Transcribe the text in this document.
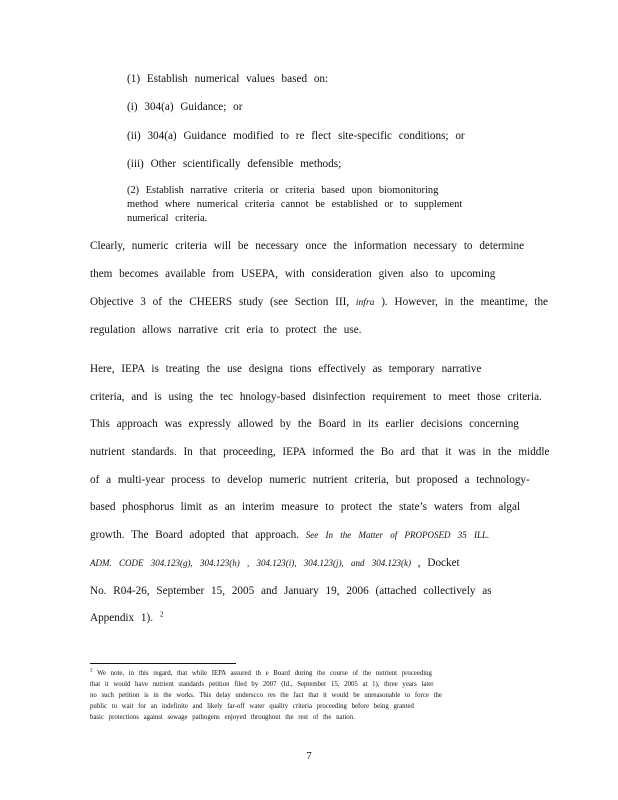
(1) Establish numerical values based on:
(i) 304(a) Guidance; or
(ii) 304(a) Guidance modified to re flect site-specific conditions; or
(iii) Other scientifically defensible methods;
(2) Establish narrative criteria or criteria based upon biomonitoring
method where numerical criteria cannot be established or to supplement
numerical criteria.
Clearly, numeric criteria will be necessary once the information necessary to determine
them becomes available from USEPA, with consideration given also to upcoming
Objective 3 of the CHEERS study (see Section III, infra ). However, in the meantime, the
regulation allows narrative crit eria to protect the use.
Here, IEPA is treating the use designa tions effectively as temporary narrative
criteria, and is using the tec hnology-based disinfection requirement to meet those criteria.
This approach was expressly allowed by the Board in its earlier decisions concerning
nutrient standards. In that proceeding, IEPA informed the Bo ard that it was in the middle
of a multi-year process to develop numeric nutrient criteria, but proposed a technology-
based phosphorus limit as an interim measure to protect the state’s waters from algal
growth. The Board adopted that approach. See In the Matter of PROPOSED 35 ILL.
ADM. CODE 304.123(g), 304.123(h) , 304.123(i), 304.123(j), and 304.123(k) , Docket
No. R04-26, September 15, 2005 and January 19, 2006 (attached collectively as
Appendix 1). $^2$
$^2$ We note, in this regard, that while IEPA assured th e Board during the course of the nutrient proceeding
that it would have nutrient standards petition filed by 2007 (Id., September 15, 2005 at 1), three years later
no such petition is in the works. This delay underscco res the fact that it would be unreasonable to force the
public to wait for an indefinite and likely far-off water quality criteria proceeding before being granted
basic protections against sewage pathogens enjoyed throughout the rest of the nation.
7
